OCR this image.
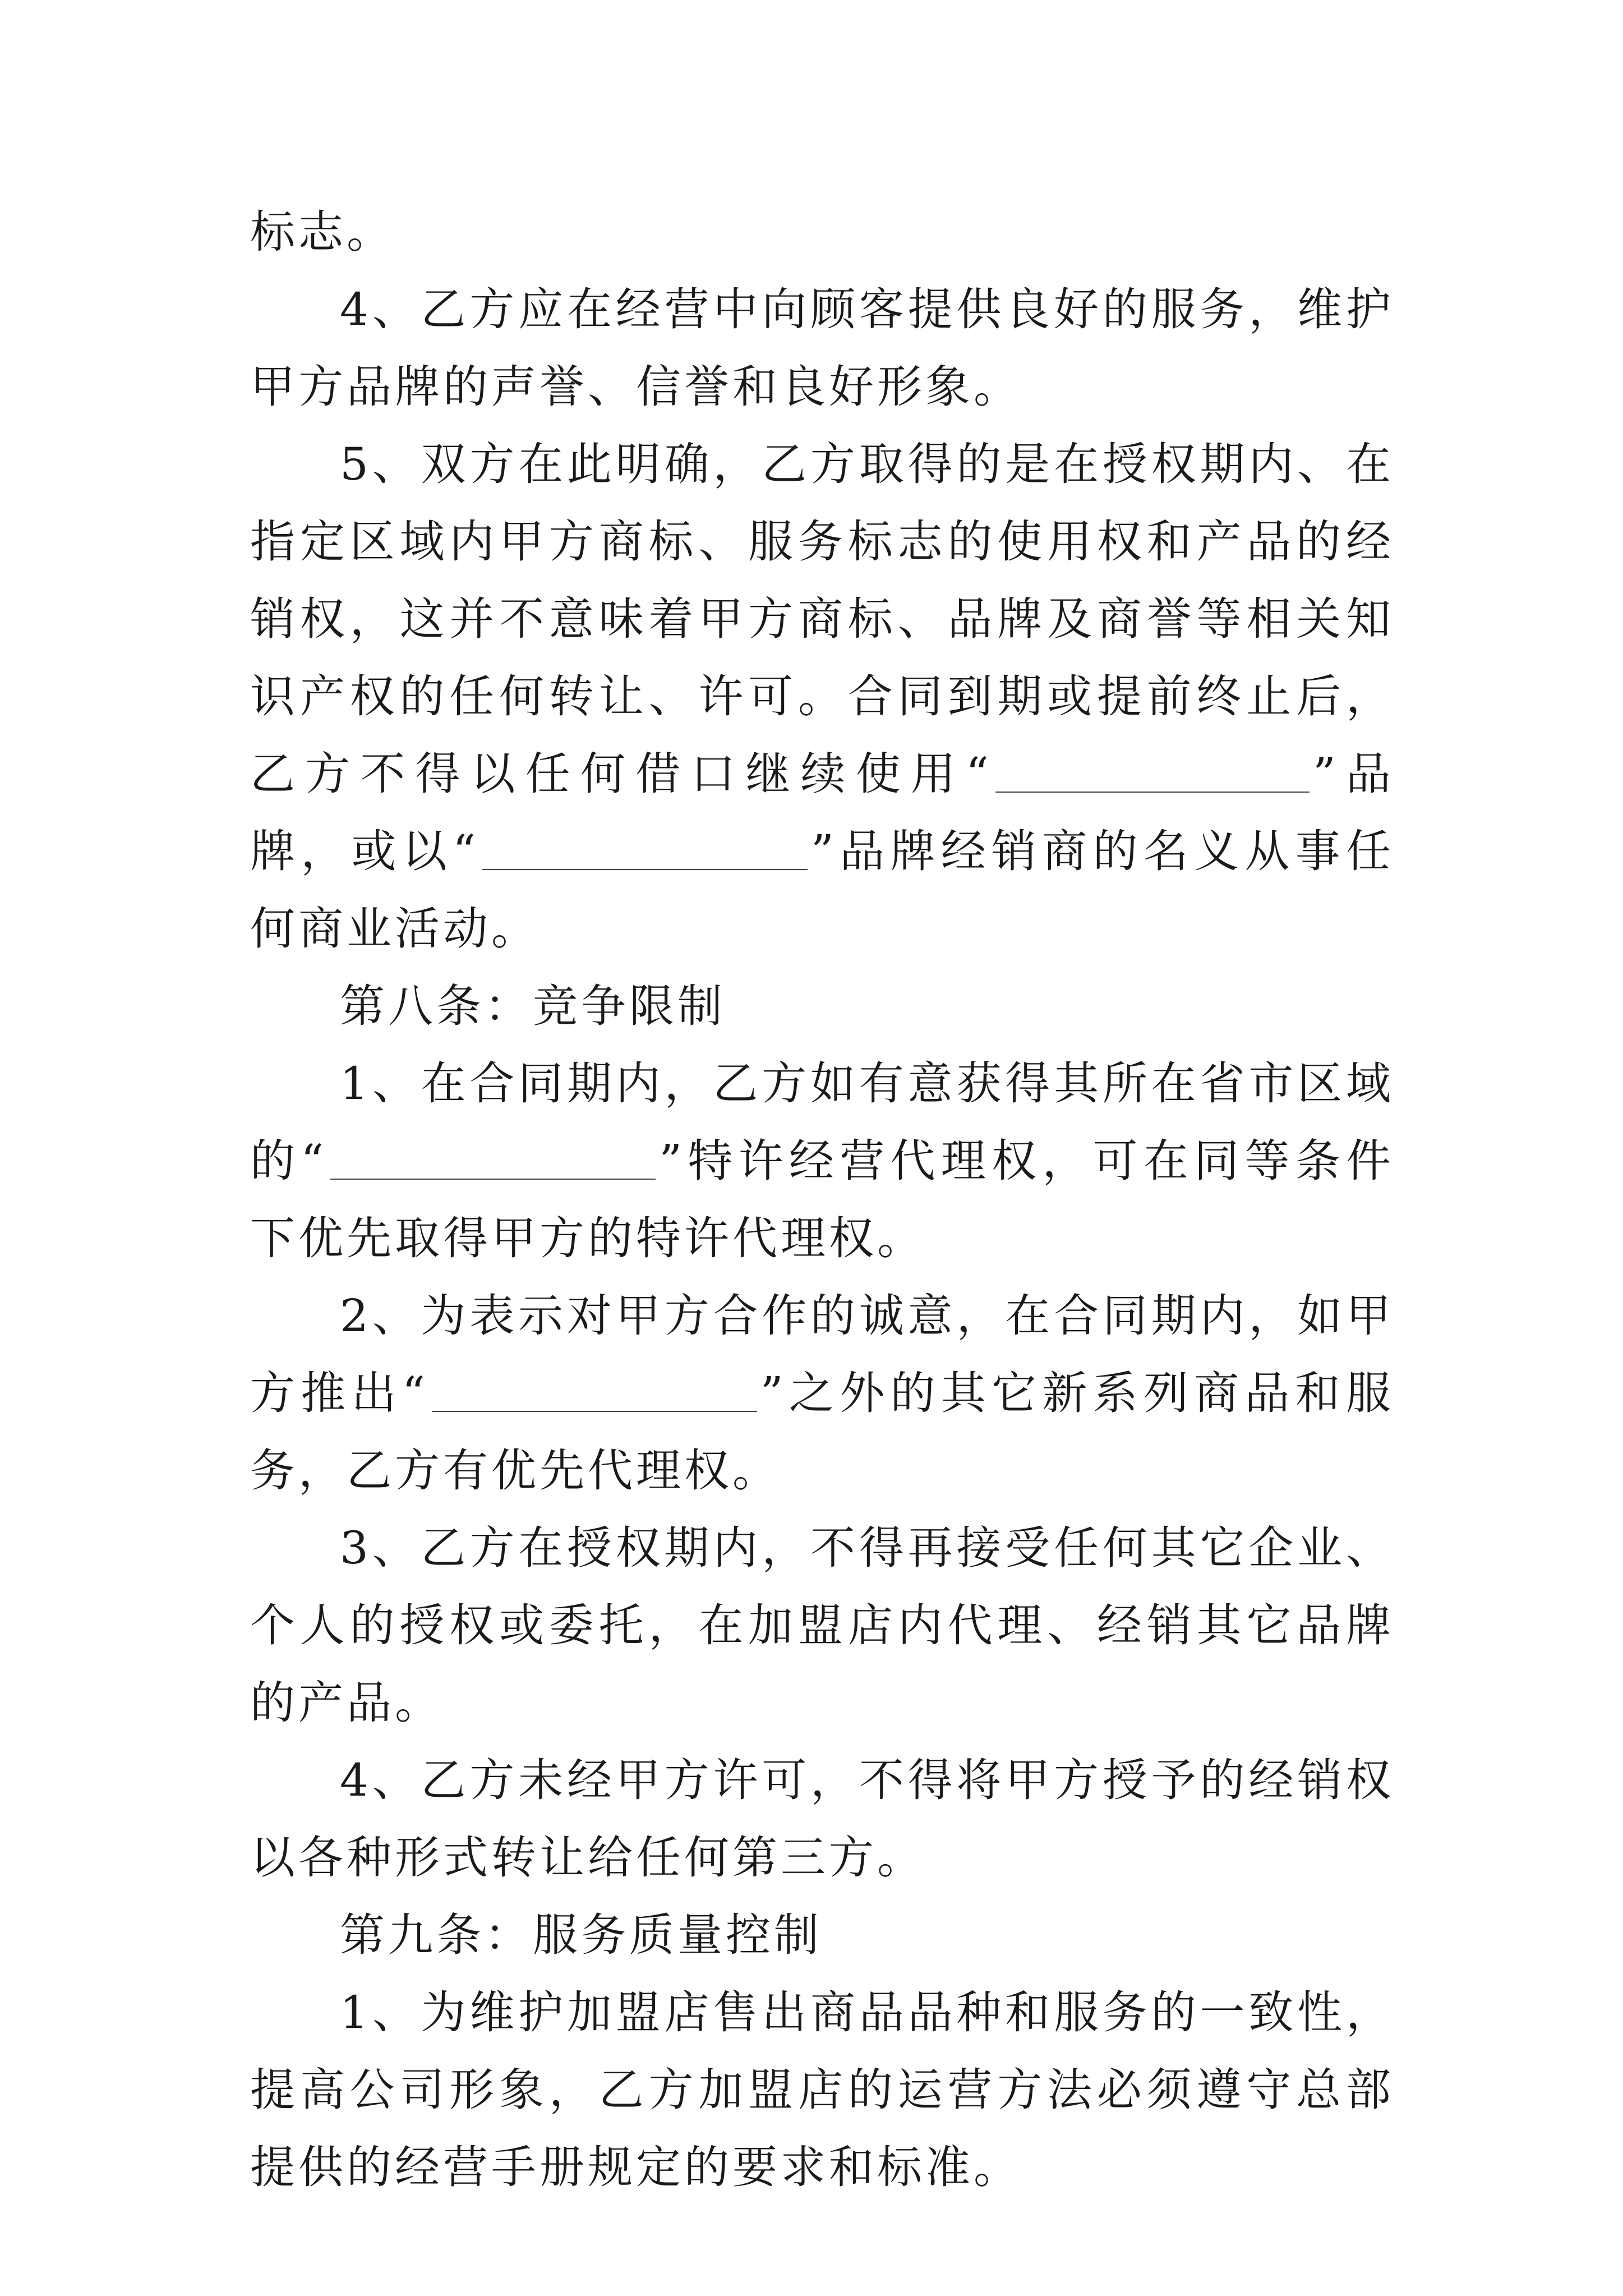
标志。

4、乙方应在经营中向顾客提供良好的服务，维护甲方品牌的声誉、信誉和良好形象。

5、双方在此明确，乙方取得的是在授权期内、在指定区域内甲方商标、服务标志的使用权和产品的经销权，这并不意味着甲方商标、品牌及商誉等相关知识产权的任何转让、许可。合同到期或提前终止后，乙方不得以任何借口继续使用“	”品牌，或以“	”品牌经销商的名义从事任何商业活动。

第八条：竞争限制

1、在合同期内，乙方如有意获得其所在省市区域的“	”特许经营代理权，可在同等条件下优先取得甲方的特许代理权。

2、为表示对甲方合作的诚意，在合同期内，如甲方推出“	”之外的其它新系列商品和服务，乙方有优先代理权。

3、乙方在授权期内，不得再接受任何其它企业、个人的授权或委托，在加盟店内代理、经销其它品牌的产品。

4、乙方未经甲方许可，不得将甲方授予的经销权以各种形式转让给任何第三方。

第九条：服务质量控制

1、为维护加盟店售出商品品种和服务的一致性，提高公司形象，乙方加盟店的运营方法必须遵守总部提供的经营手册规定的要求和标准。
